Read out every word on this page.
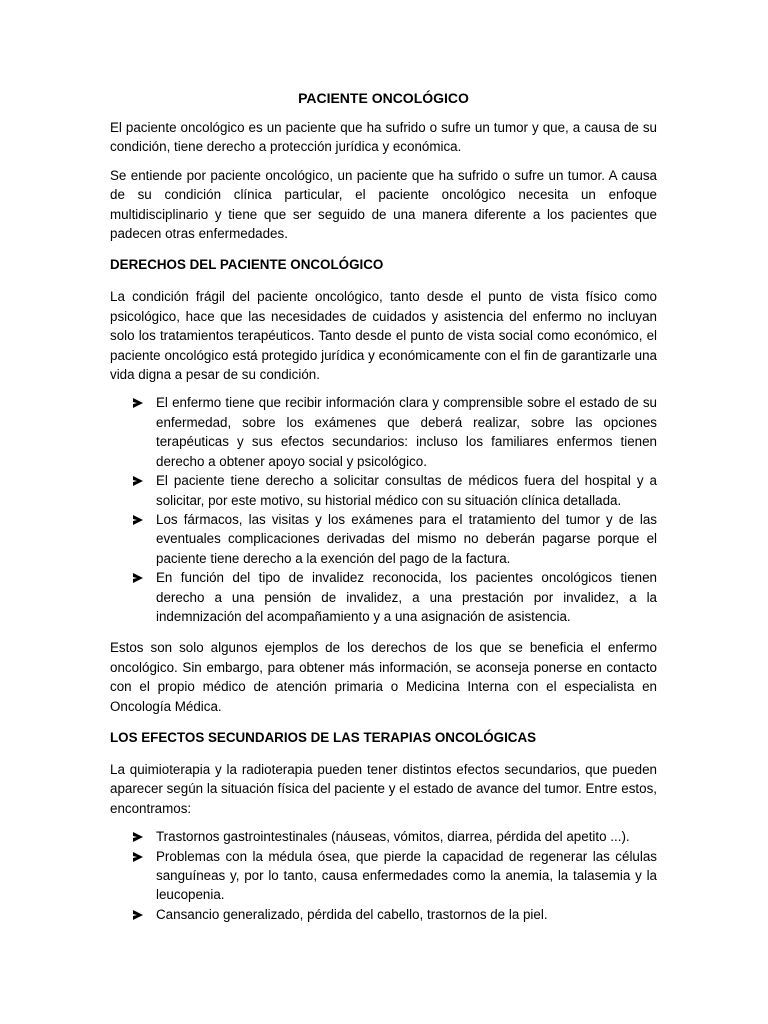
PACIENTE ONCOLÓGICO

El paciente oncológico es un paciente que ha sufrido o sufre un tumor y que, a causa de su condición, tiene derecho a protección jurídica y económica.

Se entiende por paciente oncológico, un paciente que ha sufrido o sufre un tumor. A causa de su condición clínica particular, el paciente oncológico necesita un enfoque multidisciplinario y tiene que ser seguido de una manera diferente a los pacientes que padecen otras enfermedades.

DERECHOS DEL PACIENTE ONCOLÓGICO

La condición frágil del paciente oncológico, tanto desde el punto de vista físico como psicológico, hace que las necesidades de cuidados y asistencia del enfermo no incluyan solo los tratamientos terapéuticos. Tanto desde el punto de vista social como económico, el paciente oncológico está protegido jurídica y económicamente con el fin de garantizarle una vida digna a pesar de su condición.

El enfermo tiene que recibir información clara y comprensible sobre el estado de su enfermedad, sobre los exámenes que deberá realizar, sobre las opciones terapéuticas y sus efectos secundarios: incluso los familiares enfermos tienen derecho a obtener apoyo social y psicológico.
El paciente tiene derecho a solicitar consultas de médicos fuera del hospital y a solicitar, por este motivo, su historial médico con su situación clínica detallada.
Los fármacos, las visitas y los exámenes para el tratamiento del tumor y de las eventuales complicaciones derivadas del mismo no deberán pagarse porque el paciente tiene derecho a la exención del pago de la factura.
En función del tipo de invalidez reconocida, los pacientes oncológicos tienen derecho a una pensión de invalidez, a una prestación por invalidez, a la indemnización del acompañamiento y a una asignación de asistencia.

Estos son solo algunos ejemplos de los derechos de los que se beneficia el enfermo oncológico. Sin embargo, para obtener más información, se aconseja ponerse en contacto con el propio médico de atención primaria o Medicina Interna con el especialista en Oncología Médica.

LOS EFECTOS SECUNDARIOS DE LAS TERAPIAS ONCOLÓGICAS

La quimioterapia y la radioterapia pueden tener distintos efectos secundarios, que pueden aparecer según la situación física del paciente y el estado de avance del tumor. Entre estos, encontramos:

Trastornos gastrointestinales (náuseas, vómitos, diarrea, pérdida del apetito ...).
Problemas con la médula ósea, que pierde la capacidad de regenerar las células sanguíneas y, por lo tanto, causa enfermedades como la anemia, la talasemia y la leucopenia.
Cansancio generalizado, pérdida del cabello, trastornos de la piel.
